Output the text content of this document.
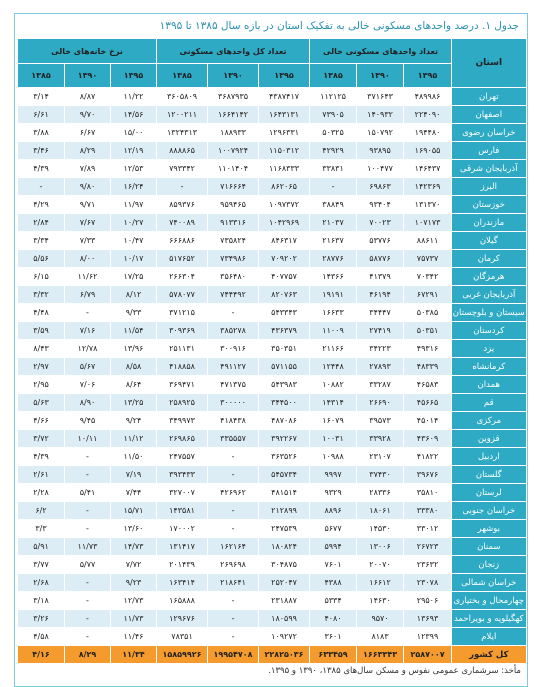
جدول ۱. درصد واحدهای مسکونی خالی به تفکیک استان در بازه سال ۱۳۸۵ تا ۱۳۹۵
استان	تعداد واحدهای مسکونی خالی			تعداد کل واحدهای مسکونی			نرخ خانه‌های خالی		
	۱۳۹۵	۱۳۹۰	۱۳۸۵	۱۳۹۵	۱۳۹۰	۱۳۸۵	۱۳۹۵	۱۳۹۰	۱۳۸۵
تهران	۴۸۹۹۸۶	۳۷۱۶۴۳	۱۱۲۱۲۵	۴۳۸۷۴۱۷	۳۶۸۷۹۳۵	۳۶۰۵۸۰۹	۱۱/۲۲	۸/۸۷	۳/۱۴
اصفهان	۲۲۴۰۹۰	۱۴۰۹۳۲	۷۳۹۰۵	۱۶۴۳۱۳۱	۱۶۶۴۱۴۲	۱۲۰۰۲۱۱	۱۴/۵۶	۹/۷۰	۶/۶۱
خراسان رضوی	۱۹۴۴۸۰	۱۵۰۷۹۲	۵۰۳۲۵	۱۲۹۶۳۳۱	۱۸۸۹۳۳	۱۳۲۴۳۱۳	۱۵/۰۰	۶/۶۷	۳/۸۸
فارس	۱۶۹۰۵۵	۹۳۸۹۵	۴۲۹۲۹	۱۱۵۰۳۱۲	۱۰۰۷۹۲۴	۸۸۸۸۶۵	۱۲/۱۹	۸/۲۹	۳/۴۶
آذربایجان شرقی	۱۴۶۴۳۷	۱۰۰۴۷۷	۳۳۸۳۱	۱۱۶۸۳۳۳	۱۱۰۱۴۰۴	۷۹۳۳۴۲	۱۲/۵۳	۷/۸۹	۴/۳۹
البرز	۱۴۲۳۶۹	۶۹۸۶۳	-	۸۶۲۰۶۵	۷۱۶۶۶۴	-	۱۶/۲۴	۹/۸۰	-
خوزستان	۱۳۱۳۷۰	۹۳۴۰۴	۳۸۸۴۹	۱۰۹۷۳۷۲	۹۵۹۴۶۵	۸۵۹۳۷۶	۱۱/۹۷	۹/۷۱	۴/۲۹
مازندران	۱۰۷۱۷۳	۷۰۰۲۳	۲۱۰۳۷	۱۰۴۲۹۶۹	۹۱۳۳۱۶	۷۴۰۰۸۹	۱۰/۲۷	۷/۶۷	۲/۸۴
گیلان	۸۸۶۱۱	۵۳۷۷۶	۲۱۶۳۷	۸۴۶۳۱۷	۷۳۵۸۲۴	۶۶۶۸۸۶	۱۰/۴۷	۷/۳۳	۳/۳۴
کرمان	۷۵۷۳۷	۵۸۷۷۶	۲۸۷۷۶	۷۰۹۲۰۲	۷۳۴۹۸۶	۵۱۷۶۵۲	۱۰/۱۷	۸/۰۰	۵/۵۶
هرمزگان	۷۰۳۴۲	۴۱۳۷۹	۱۴۳۶۶	۴۰۷۷۵۷	۳۵۶۴۸۰	۲۶۶۳۰۴	۱۷/۲۵	۱۱/۶۲	۶/۱۵
آذربایجان غربی	۶۷۲۹۱	۴۶۱۹۴	۱۹۱۹۱	۸۲۰۷۶۳	۷۴۴۴۹۲	۵۷۸۰۷۷	۸/۱۲	۶/۷۹	۳/۳۲
سیستان و بلوچستان	۵۰۳۸۵	۳۴۴۴۷	۱۶۶۳۳	۵۴۳۳۴۳	-	۳۷۱۲۱۵	۹/۳۳	-	۴/۴۸
کردستان	۵۰۳۵۱	۲۷۴۱۹	۱۱۰۰۹	۴۳۶۳۷۹	۳۸۵۲۷۸	۳۰۹۳۶۹	۱۱/۵۴	۷/۱۶	۳/۵۹
یزد	۴۹۳۱۶	۳۴۲۲۳	۲۱۱۶۶	۳۵۰۳۵۱	۳۰۰۹۱۶	۲۵۱۱۳۱	۱۳/۹۶	۱۲/۷۸	۸/۴۳
کرمانشاه	۴۸۳۳۹	۲۷۸۹۳	۱۲۴۴۸	۵۷۱۱۵۵	۴۹۱۱۲۷	۴۱۸۸۵۸	۸/۵۸	۵/۶۷	۲/۹۷
همدان	۴۶۵۸۳	۳۳۲۸۷	۱۰۸۸۲	۵۴۳۹۸۳	۴۷۱۳۷۵	۳۶۹۴۷۱	۸/۶۴	۷/۰۶	۲/۹۵
قم	۴۵۶۶۵	۲۶۶۹۰	۱۴۳۱۴	۳۴۴۵۰۰	۳۰۰۰۰۰	۲۵۸۹۲۵	۱۳/۲۵	۸/۹۰	۵/۶۳
مرکزی	۴۵۰۱۴	۳۹۵۷۳	۱۶۰۷۹	۴۸۷۰۸۶	۴۱۸۴۳۸	۳۴۹۹۷۳	۹/۲۴	۹/۴۵	۴/۶۶
قزوین	۴۳۶۰۹	۳۳۹۲۸	۱۰۰۳۱	۳۹۲۲۶۷	۳۳۵۵۵۷	۲۶۹۸۶۵	۱۱/۱۲	۱۰/۱۱	۳/۷۲
اردبیل	۴۱۸۲۲	۲۳۱۰۷	۱۰۹۸۸	۳۶۳۵۲۶	-	۲۴۷۵۵۷	۱۱/۵۰	-	۴/۳۹
گلستان	۳۹۶۷۶	۳۷۴۳۰	۹۹۹۷	۵۴۵۷۳۴	-	۳۹۳۴۳۳	۷/۱۹	-	۲/۶۱
لرستان	۳۵۸۱۰	۲۸۳۳۶	۹۳۲۹	۴۸۱۵۱۴	۴۲۶۹۶۲	۳۲۷۰۰۷	۷/۴۴	۵/۴۱	۲/۲۸
خراسان جنوبی	۳۳۳۸۰	۱۸۰۶۱	۸۸۹۶	۲۱۲۸۹۹	-	۱۴۳۵۸۱	۱۵/۷۱	-	۶/۲
بوشهر	۳۳۰۱۲	۱۴۵۳۰	۵۶۷۷	۲۴۷۵۳۹	-	۱۷۰۰۰۲	۱۳/۶۰	-	۳/۳
سمنان	۲۶۷۲۳	۱۳۰۰۶	۵۹۹۴	۱۸۰۸۲۴	۱۶۲۱۶۴	۱۳۱۴۱۷	۱۴/۷۳	۱۱/۷۳	۵/۹۱
زنجان	۲۳۶۳۲	۲۰۰۷۰	۷۶۰۱	۳۰۴۸۷۵	۲۶۹۶۹۸	۲۰۱۴۳۹	۷/۷۲	۵/۷۷	۳/۷۷
خراسان شمالی	۲۳۰۷۸	۱۶۶۱۲	۴۳۸۸	۲۵۲۰۴۷	۲۱۸۶۴۱	۱۶۳۴۱۴	۹/۲۳	-	۲/۶۸
چهارمحال و بختیاری	۲۹۵۰۶	۱۴۶۳۰	۵۳۳۴	۲۳۱۸۸۷	-	۱۶۵۸۸۸	۱۲/۷۳	-	۳/۱۸
کهگیلویه و بویراحمد	۱۳۶۹۳	۹۵۷۰	۴۰۸۰	۱۸۰۵۹۹	-	۱۲۹۶۷۶	۱۱/۷۳	-	۳/۲۶
ایلام	۱۲۳۹۹	۸۱۸۳	۳۶۰۱	۱۰۹۲۷۲	-	۷۸۳۵۱	۱۱/۴۶	-	۴/۵۸
کل کشور	۲۵۸۷۰۰۷	۱۶۶۳۳۴۳	۶۳۳۴۵۹	۲۲۸۲۵۰۳۶	۱۹۹۵۴۷۰۸	۱۵۸۵۹۹۲۶	۱۱/۳۴	۸/۲۹	۴/۱۶
مأخذ: سرشماری عمومی نفوس و مسکن سال‌های ۱۳۸۵، ۱۳۹۰ و ۱۳۹۵.
